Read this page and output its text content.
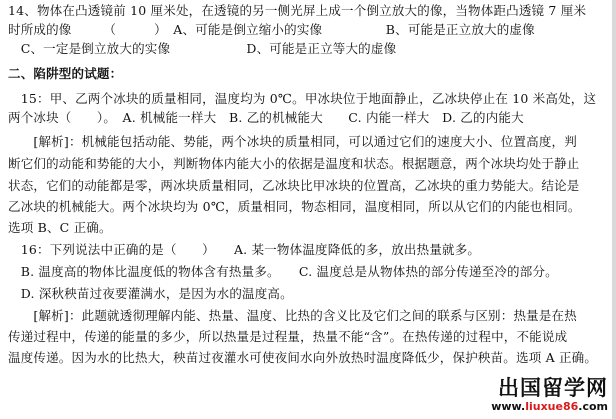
14、物体在凸透镜前 10 厘米处，在透镜的另一侧光屏上成一个倒立放大的像，当物体距凸透镜 7 厘米
时所成的像　　　（　　　）　A、可能是倒立缩小的实像　　　　　B、可能是正立放大的虚像
　C、一定是倒立放大的实像　　　　　　D、可能是正立等大的虚像
二、陷阱型的试题：
　15：甲、乙两个冰块的质量相同，温度均为 0℃。甲冰块位于地面静止，乙冰块停止在 10 米高处，这
两个冰块（　　）。　A. 机械能一样大　B. 乙的机械能大　　C. 内能一样大　D. 乙的内能大
　　[解析]：机械能包括动能、势能，两个冰块的质量相同，可以通过它们的速度大小、位置高度，判
断它们的动能和势能的大小，判断物体内能大小的依据是温度和状态。根据题意，两个冰块均处于静止
状态，它们的动能都是零，两冰块质量相同，乙冰块比甲冰块的位置高，乙冰块的重力势能大。结论是
乙冰块的机械能大。两个冰块均为 0℃，质量相同，物态相同，温度相同，所以从它们的内能也相同。
选项 B、C 正确。
　16：下列说法中正确的是（　　）　　A. 某一物体温度降低的多，放出热量就多。
　B. 温度高的物体比温度低的物体含有热量多。　　C. 温度总是从物体热的部分传递至冷的部分。
　D. 深秋秧苗过夜要灌满水，是因为水的温度高。
　　[解析]：此题就透彻理解内能、热量、温度、比热的含义比及它们之间的联系与区别：热量是在热
传递过程中，传递的能量的多少，所以热量是过程量，热量不能“含”。在热传递的过程中，不能说成
温度传递。因为水的比热大，秧苗过夜灌水可使夜间水向外放热时温度降低少，保护秧苗。选项 A 正确。
出国留学网
www.liuxue86.com
